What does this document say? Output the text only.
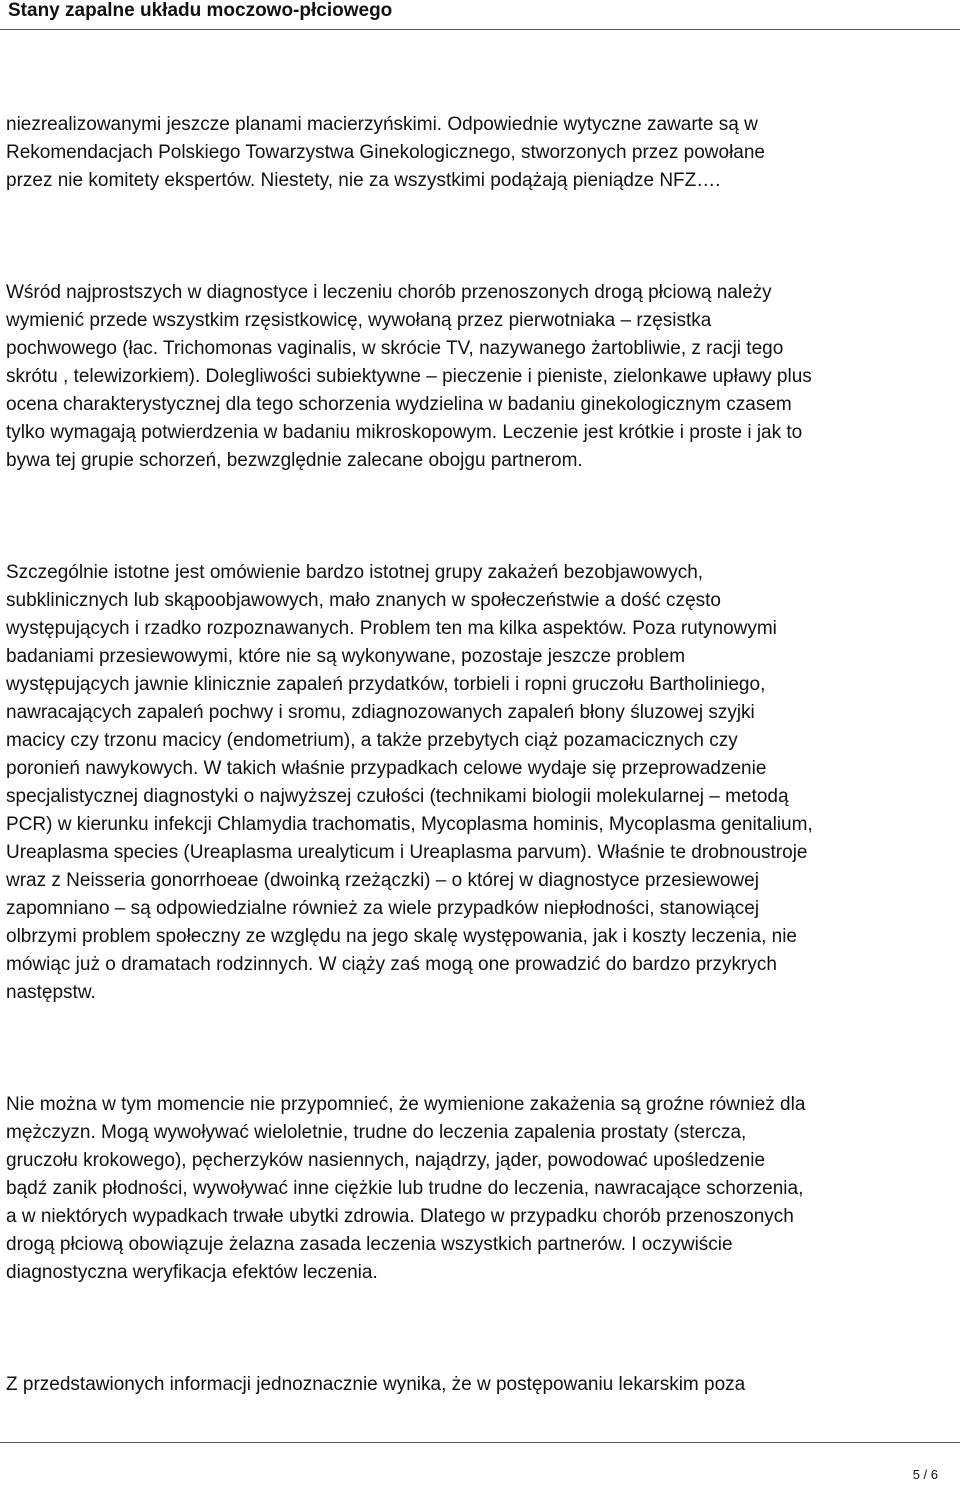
Stany zapalne układu moczowo-płciowego

niezrealizowanymi jeszcze planami macierzyńskimi. Odpowiednie wytyczne zawarte są w
Rekomendacjach Polskiego Towarzystwa Ginekologicznego, stworzonych przez powołane
przez nie komitety ekspertów. Niestety, nie za wszystkimi podążają pieniądze NFZ….

Wśród najprostszych w diagnostyce i leczeniu chorób przenoszonych drogą płciową należy
wymienić przede wszystkim rzęsistkowicę, wywołaną przez pierwotniaka – rzęsistka
pochwowego (łac. Trichomonas vaginalis, w skrócie TV, nazywanego żartobliwie, z racji tego
skrótu , telewizorkiem). Dolegliwości subiektywne – pieczenie i pieniste, zielonkawe upławy plus
ocena charakterystycznej dla tego schorzenia wydzielina w badaniu ginekologicznym czasem
tylko wymagają potwierdzenia w badaniu mikroskopowym. Leczenie jest krótkie i proste i jak to
bywa tej grupie schorzeń, bezwzględnie zalecane obojgu partnerom.

Szczególnie istotne jest omówienie bardzo istotnej grupy zakażeń bezobjawowych,
subklinicznych lub skąpoobjawowych, mało znanych w społeczeństwie a dość często
występujących i rzadko rozpoznawanych. Problem ten ma kilka aspektów. Poza rutynowymi
badaniami przesiewowymi, które nie są wykonywane, pozostaje jeszcze problem
występujących jawnie klinicznie zapaleń przydatków, torbieli i ropni gruczołu Bartholiniego,
nawracających zapaleń pochwy i sromu, zdiagnozowanych zapaleń błony śluzowej szyjki
macicy czy trzonu macicy (endometrium), a także przebytych ciąż pozamacicznych czy
poronień nawykowych. W takich właśnie przypadkach celowe wydaje się przeprowadzenie
specjalistycznej diagnostyki o najwyższej czułości (technikami biologii molekularnej – metodą
PCR) w kierunku infekcji Chlamydia trachomatis, Mycoplasma hominis, Mycoplasma genitalium,
Ureaplasma species (Ureaplasma urealyticum i Ureaplasma parvum). Właśnie te drobnoustroje
wraz z Neisseria gonorrhoeae (dwoinką rzeżączki) – o której w diagnostyce przesiewowej
zapomniano – są odpowiedzialne również za wiele przypadków niepłodności, stanowiącej
olbrzymi problem społeczny ze względu na jego skalę występowania, jak i koszty leczenia, nie
mówiąc już o dramatach rodzinnych. W ciąży zaś mogą one prowadzić do bardzo przykrych
następstw.

Nie można w tym momencie nie przypomnieć, że wymienione zakażenia są groźne również dla
mężczyzn. Mogą wywoływać wieloletnie, trudne do leczenia zapalenia prostaty (stercza,
gruczołu krokowego), pęcherzyków nasiennych, najądrzy, jąder, powodować upośledzenie
bądź zanik płodności, wywoływać inne ciężkie lub trudne do leczenia, nawracające schorzenia,
a w niektórych wypadkach trwałe ubytki zdrowia. Dlatego w przypadku chorób przenoszonych
drogą płciową obowiązuje żelazna zasada leczenia wszystkich partnerów. I oczywiście
diagnostyczna weryfikacja efektów leczenia.

Z przedstawionych informacji jednoznacznie wynika, że w postępowaniu lekarskim poza

5 / 6
